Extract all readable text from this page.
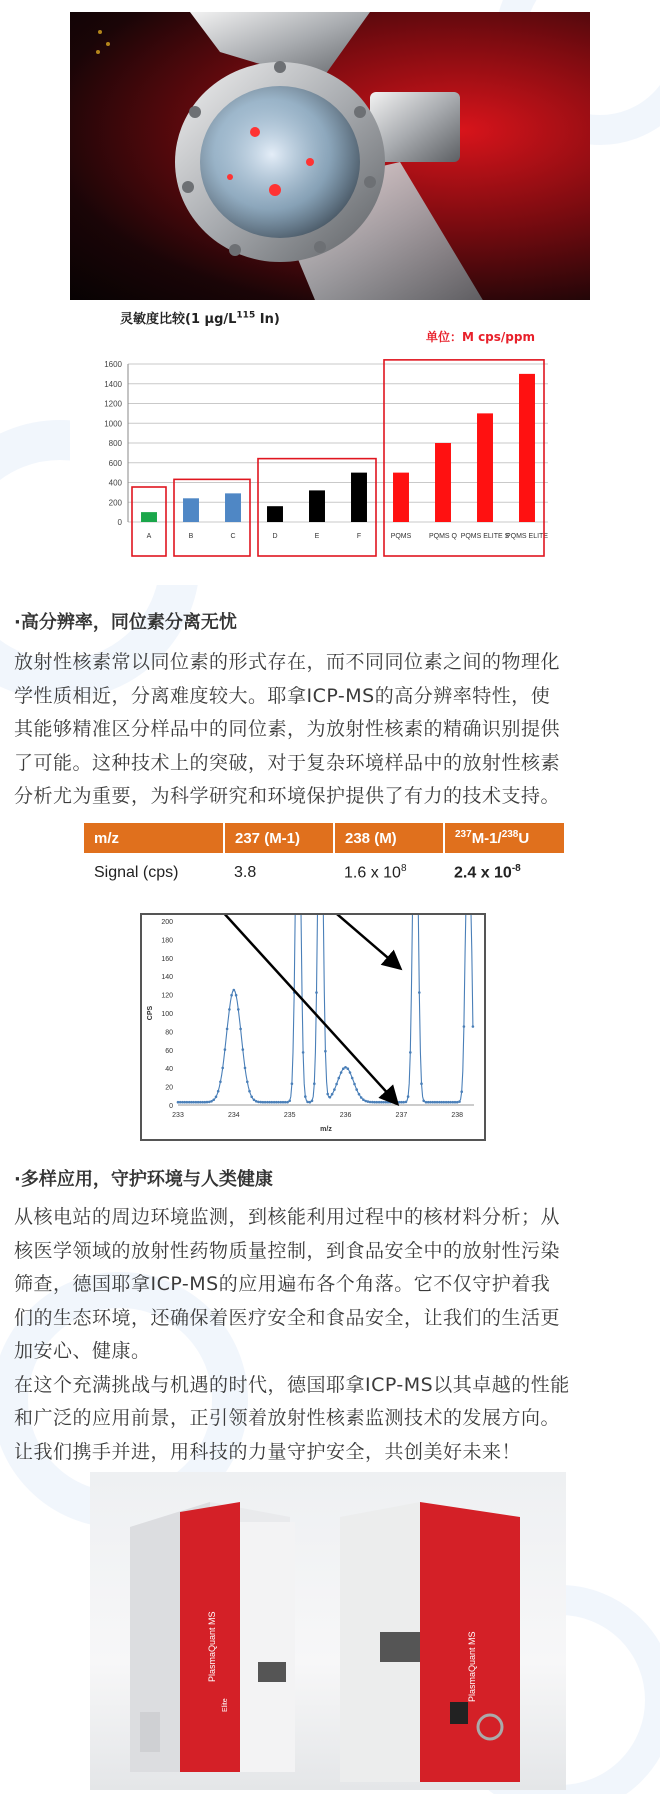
灵敏度比较(1 $\mu g/L^{115}$ In)
单位：M cps/ppm
0
200
400
600
800
1000
1200
1400
1600
A	B	C	D	E	F	PQMS	PQMS Q PQMS ELITE S
PQMS ELITE
·高分辨率，同位素分离无忧
放射性核素常以同位素的形式存在，而不同同位素之间的物理化
学性质相近，分离难度较大。耶拿ICP-MS的高分辨率特性，使
其能够精准区分样品中的同位素，为放射性核素的精确识别提供
了可能。这种技术上的突破，对于复杂环境样品中的放射性核素
分析尤为重要，为科学研究和环境保护提供了有力的技术支持。
m/z	237 (M-1)	238 (M)	$^{237}$M-1/$^{238}$U
Signal (cps)	3.8	1.6 x $10^8$	2.4 x $10^{-8}$
0
20
40
60
80
100
120
140
160
180
200
233	234	235	236	237	238
m/z
CPS
·多样应用，守护环境与人类健康
从核电站的周边环境监测，到核能利用过程中的核材料分析；从
核医学领域的放射性药物质量控制，到食品安全中的放射性污染
筛查，德国耶拿ICP-MS的应用遍布各个角落。它不仅守护着我
们的生态环境，还确保着医疗安全和食品安全，让我们的生活更
加安心、健康。
在这个充满挑战与机遇的时代，德国耶拿ICP-MS以其卓越的性能
和广泛的应用前景，正引领着放射性核素监测技术的发展方向。
让我们携手并进，用科技的力量守护安全，共创美好未来！
PlasmaQuant MS
Elite
PlasmaQuant MS
